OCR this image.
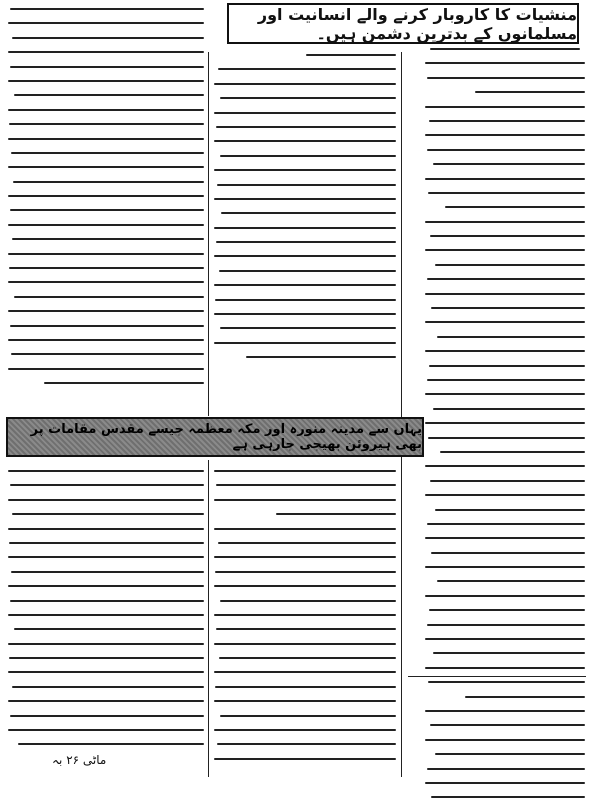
منشیات کا کاروبار کرنے والے انسانیت اور مسلمانوں کے بدترین دشمن ہیں۔
یہاں سے مدینہ منورہ اور مکہ معظمہ جیسے مقدس مقامات پر بھی ہیروئن بھیجی جارہی ہے
ماٹی ۲۶ بہ
